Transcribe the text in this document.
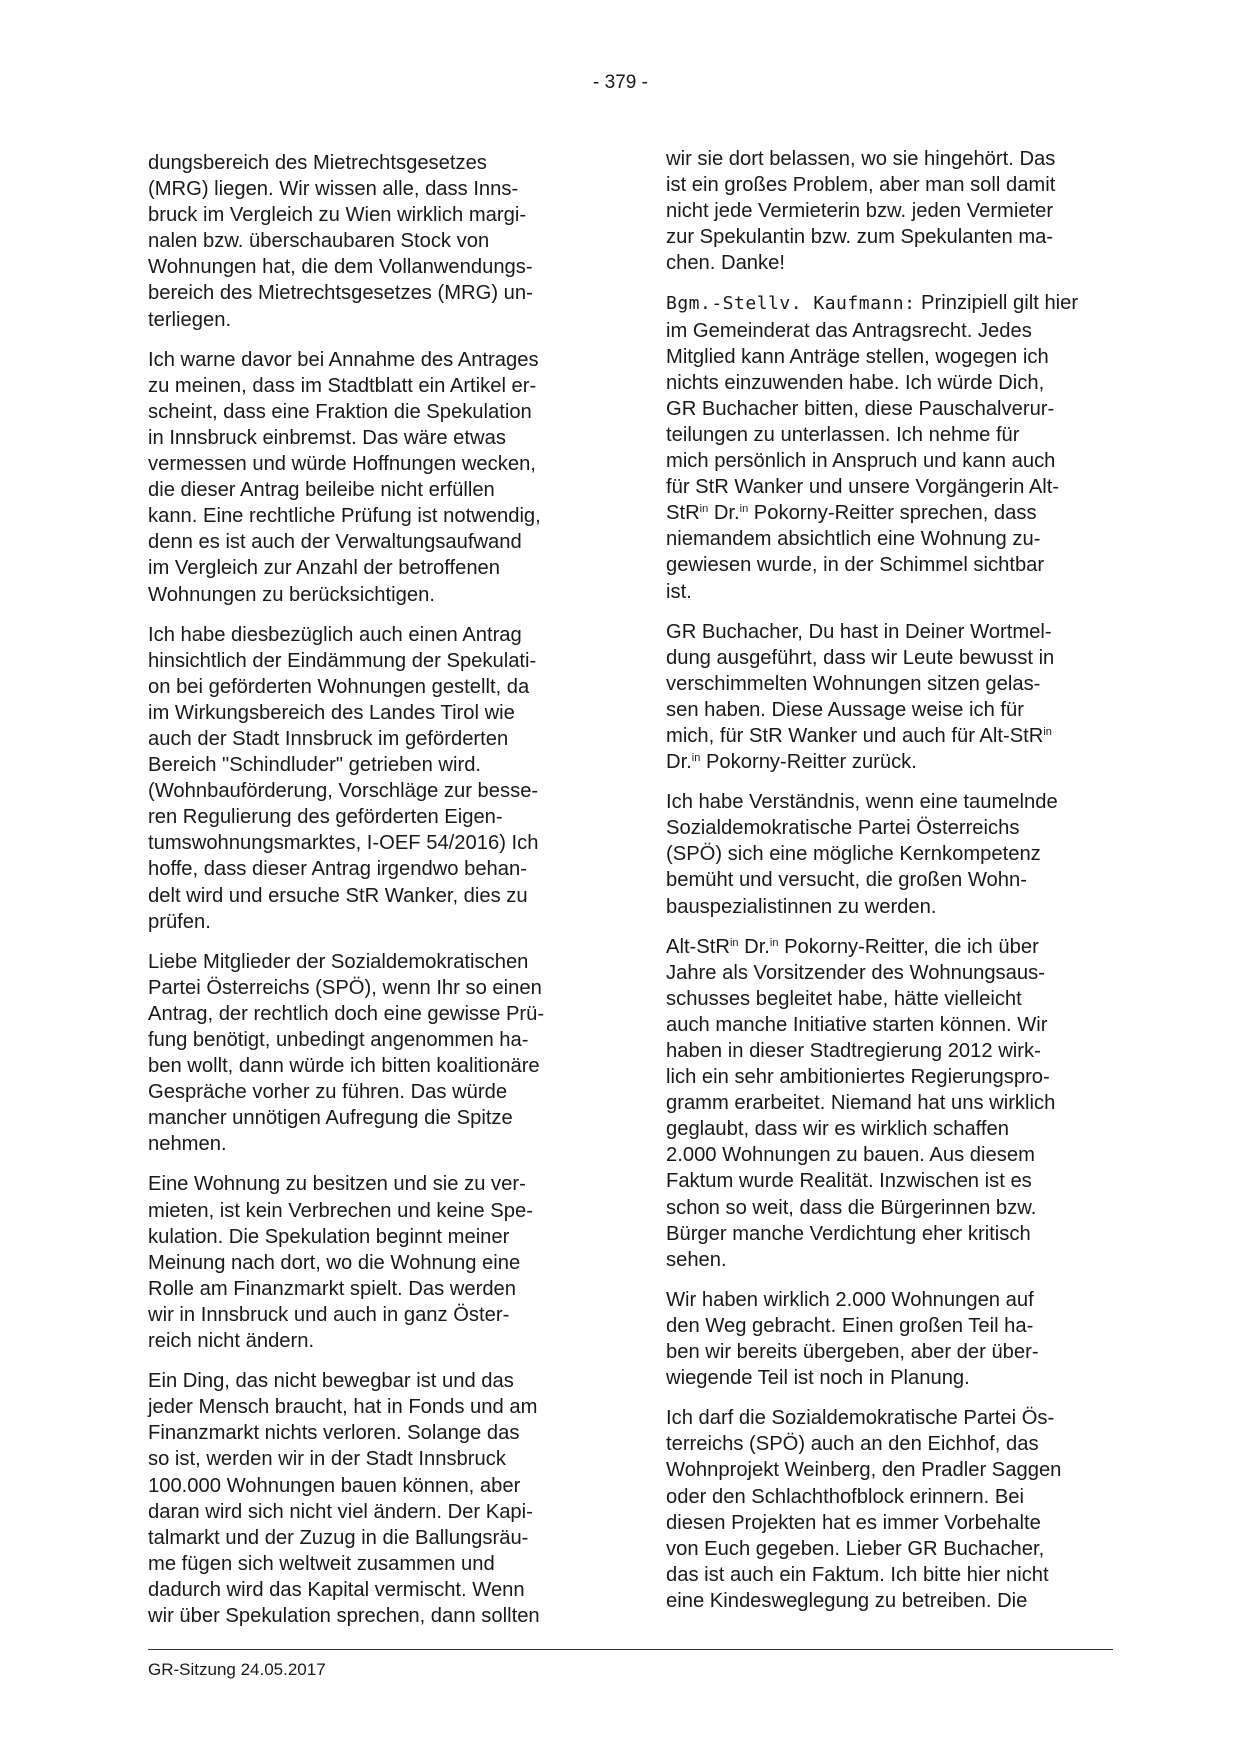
- 379 -

dungsbereich des Mietrechtsgesetzes
(MRG) liegen. Wir wissen alle, dass Inns-
bruck im Vergleich zu Wien wirklich margi-
nalen bzw. überschaubaren Stock von
Wohnungen hat, die dem Vollanwendungs-
bereich des Mietrechtsgesetzes (MRG) un-
terliegen.

Ich warne davor bei Annahme des Antrages
zu meinen, dass im Stadtblatt ein Artikel er-
scheint, dass eine Fraktion die Spekulation
in Innsbruck einbremst. Das wäre etwas
vermessen und würde Hoffnungen wecken,
die dieser Antrag beileibe nicht erfüllen
kann. Eine rechtliche Prüfung ist notwendig,
denn es ist auch der Verwaltungsaufwand
im Vergleich zur Anzahl der betroffenen
Wohnungen zu berücksichtigen.

Ich habe diesbezüglich auch einen Antrag
hinsichtlich der Eindämmung der Spekulati-
on bei geförderten Wohnungen gestellt, da
im Wirkungsbereich des Landes Tirol wie
auch der Stadt Innsbruck im geförderten
Bereich "Schindluder" getrieben wird.
(Wohnbauförderung, Vorschläge zur besse-
ren Regulierung des geförderten Eigen-
tumswohnungsmarktes, I-OEF 54/2016) Ich
hoffe, dass dieser Antrag irgendwo behan-
delt wird und ersuche StR Wanker, dies zu
prüfen.

Liebe Mitglieder der Sozialdemokratischen
Partei Österreichs (SPÖ), wenn Ihr so einen
Antrag, der rechtlich doch eine gewisse Prü-
fung benötigt, unbedingt angenommen ha-
ben wollt, dann würde ich bitten koalitionäre
Gespräche vorher zu führen. Das würde
mancher unnötigen Aufregung die Spitze
nehmen.

Eine Wohnung zu besitzen und sie zu ver-
mieten, ist kein Verbrechen und keine Spe-
kulation. Die Spekulation beginnt meiner
Meinung nach dort, wo die Wohnung eine
Rolle am Finanzmarkt spielt. Das werden
wir in Innsbruck und auch in ganz Öster-
reich nicht ändern.

Ein Ding, das nicht bewegbar ist und das
jeder Mensch braucht, hat in Fonds und am
Finanzmarkt nichts verloren. Solange das
so ist, werden wir in der Stadt Innsbruck
100.000 Wohnungen bauen können, aber
daran wird sich nicht viel ändern. Der Kapi-
talmarkt und der Zuzug in die Ballungsräu-
me fügen sich weltweit zusammen und
dadurch wird das Kapital vermischt. Wenn
wir über Spekulation sprechen, dann sollten

wir sie dort belassen, wo sie hingehört. Das
ist ein großes Problem, aber man soll damit
nicht jede Vermieterin bzw. jeden Vermieter
zur Spekulantin bzw. zum Spekulanten ma-
chen. Danke!

Bgm.-Stellv. Kaufmann: Prinzipiell gilt hier
im Gemeinderat das Antragsrecht. Jedes
Mitglied kann Anträge stellen, wogegen ich
nichts einzuwenden habe. Ich würde Dich,
GR Buchacher bitten, diese Pauschalverur-
teilungen zu unterlassen. Ich nehme für
mich persönlich in Anspruch und kann auch
für StR Wanker und unsere Vorgängerin Alt-
StR$^{in}$ Dr.$^{in}$ Pokorny-Reitter sprechen, dass
niemandem absichtlich eine Wohnung zu-
gewiesen wurde, in der Schimmel sichtbar
ist.

GR Buchacher, Du hast in Deiner Wortmel-
dung ausgeführt, dass wir Leute bewusst in
verschimmelten Wohnungen sitzen gelas-
sen haben. Diese Aussage weise ich für
mich, für StR Wanker und auch für Alt-StR$^{in}$
Dr.$^{in}$ Pokorny-Reitter zurück.

Ich habe Verständnis, wenn eine taumelnde
Sozialdemokratische Partei Österreichs
(SPÖ) sich eine mögliche Kernkompetenz
bemüht und versucht, die großen Wohn-
bauspezialistinnen zu werden.

Alt-StR$^{in}$ Dr.$^{in}$ Pokorny-Reitter, die ich über
Jahre als Vorsitzender des Wohnungsaus-
schusses begleitet habe, hätte vielleicht
auch manche Initiative starten können. Wir
haben in dieser Stadtregierung 2012 wirk-
lich ein sehr ambitioniertes Regierungspro-
gramm erarbeitet. Niemand hat uns wirklich
geglaubt, dass wir es wirklich schaffen
2.000 Wohnungen zu bauen. Aus diesem
Faktum wurde Realität. Inzwischen ist es
schon so weit, dass die Bürgerinnen bzw.
Bürger manche Verdichtung eher kritisch
sehen.

Wir haben wirklich 2.000 Wohnungen auf
den Weg gebracht. Einen großen Teil ha-
ben wir bereits übergeben, aber der über-
wiegende Teil ist noch in Planung.

Ich darf die Sozialdemokratische Partei Ös-
terreichs (SPÖ) auch an den Eichhof, das
Wohnprojekt Weinberg, den Pradler Saggen
oder den Schlachthofblock erinnern. Bei
diesen Projekten hat es immer Vorbehalte
von Euch gegeben. Lieber GR Buchacher,
das ist auch ein Faktum. Ich bitte hier nicht
eine Kindesweglegung zu betreiben. Die

GR-Sitzung 24.05.2017
